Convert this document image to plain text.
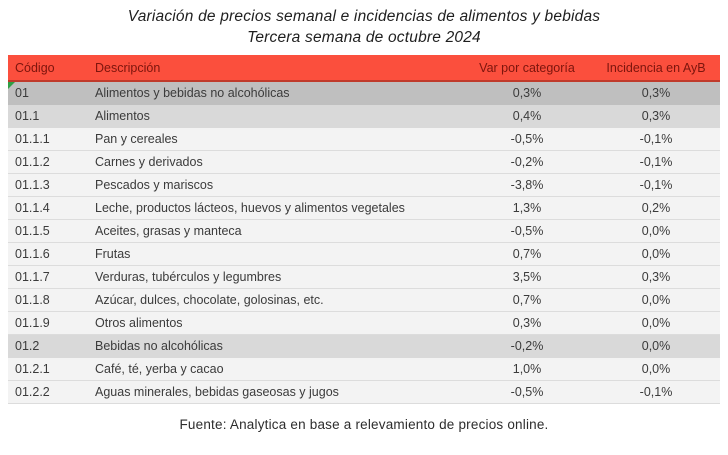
Variación de precios semanal e incidencias de alimentos y bebidas
Tercera semana de octubre 2024
Código	Descripción	Var por categoría	Incidencia en AyB
01	Alimentos y bebidas no alcohólicas	0,3%	0,3%
01.1	Alimentos	0,4%	0,3%
01.1.1	Pan y cereales	-0,5%	-0,1%
01.1.2	Carnes y derivados	-0,2%	-0,1%
01.1.3	Pescados y mariscos	-3,8%	-0,1%
01.1.4	Leche, productos lácteos, huevos y alimentos vegetales	1,3%	0,2%
01.1.5	Aceites, grasas y manteca	-0,5%	0,0%
01.1.6	Frutas	0,7%	0,0%
01.1.7	Verduras, tubérculos y legumbres	3,5%	0,3%
01.1.8	Azúcar, dulces, chocolate, golosinas, etc.	0,7%	0,0%
01.1.9	Otros alimentos	0,3%	0,0%
01.2	Bebidas no alcohólicas	-0,2%	0,0%
01.2.1	Café, té, yerba y cacao	1,0%	0,0%
01.2.2	Aguas minerales, bebidas gaseosas y jugos	-0,5%	-0,1%
Fuente: Analytica en base a relevamiento de precios online.
